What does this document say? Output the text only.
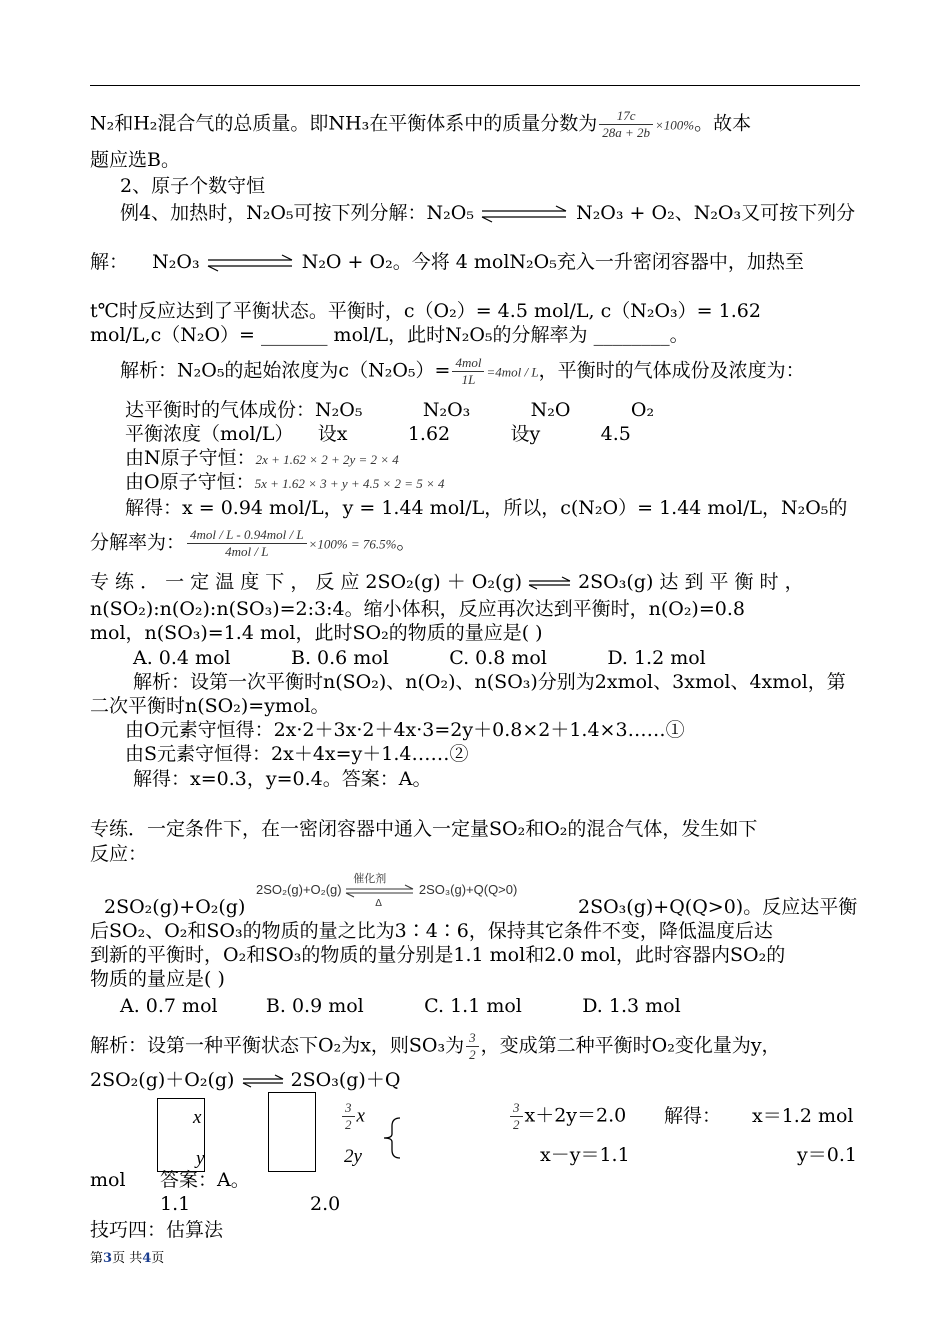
N₂和H₂混合气的总质量。即NH₃在平衡体系中的质量分数为 $\frac{17c}{28a + 2b} \times 100\%$。故本
题应选B。
2、原子个数守恒
例4、加热时，N₂O₅可按下列分解：N₂O₅	N₂O₃ + O₂、N₂O₃又可按下列分
解：    N₂O₃	N₂O + O₂。今将 4 molN₂O₅充入一升密闭容器中，加热至
t℃时反应达到了平衡状态。平衡时，c（O₂）= 4.5 mol/L, c（N₂O₃）= 1.62
mol/L,c（N₂O）= _______ mol/L，此时N₂O₅的分解率为 ________。
解析：N₂O₅的起始浓度为$c(N_2O_5)= \frac{\text{4mol}}{1L} =4mol / L$，平衡时的气体成份及浓度为：
达平衡时的气体成份：N₂O₅          N₂O₃          N₂O          O₂
平衡浓度（mol/L）    设x          1.62          设y          4.5
由N原子守恒：2x + 1.62 × 2 + 2y = 2 × 4
由O原子守恒：5x + 1.62 × 3 + y + 4.5 × 2 = 5 × 4
解得：x = 0.94 mol/L，y = 1.44 mol/L，所以，c(N₂O）= 1.44 mol/L，N₂O₅的
分解率为： $\frac{\text{4mol / L - 0.94mol / L}}{\text{4mol / L}} \times 100\% = 76.5\%$。
专 练 ． 一 定 温 度 下 ， 反 应 2SO₂(g) ＋ O₂(g) ⇌ 2SO₃(g) 达 到 平 衡 时 ，
n(SO₂):n(O₂):n(SO₃)=2:3:4。缩小体积，反应再次达到平衡时，n(O₂)=0.8
mol，n(SO₃)=1.4 mol，此时SO₂的物质的量应是( )
A. 0.4 mol          B. 0.6 mol          C. 0.8 mol          D. 1.2 mol
解析：设第一次平衡时n(SO₂)、n(O₂)、n(SO₃)分别为2xmol、3xmol、4xmol，第
二次平衡时n(SO₂)=ymol。
由O元素守恒得：2x·2＋3x·2＋4x·3=2y＋0.8×2＋1.4×3……①
由S元素守恒得：2x＋4x=y＋1.4……②
解得：x=0.3，y=0.4。答案：A。
专练．一定条件下，在一密闭容器中通入一定量SO₂和O₂的混合气体，发生如下
反应：
2SO₂(g)+O₂(g)
2SO₂(g)+O₂(g)
催化剂
Δ
2SO₃(g)+Q(Q>0)
2SO₃(g)+Q(Q>0)。反应达平衡
后SO₂、O₂和SO₃的物质的量之比为3∶4∶6，保持其它条件不变，降低温度后达
到新的平衡时，O₂和SO₃的物质的量分别是1.1 mol和2.0 mol，此时容器内SO₂的
物质的量应是( )
A. 0.7 mol        B. 0.9 mol          C. 1.1 mol          D. 1.3 mol
解析：设第一种平衡状态下O₂为x，则SO₃为 $\frac{3}{2}$ ，变成第二种平衡时O₂变化量为y，
2SO₂(g)＋O₂(g) ⇌ 2SO₃(g)＋Q
x
y
$\frac{3}{2}$ x
2y
$\frac{3}{2} x+2y=2.0$ 解得： x＝1.2 mol
x－y＝1.1	y＝0.1
mol 答案：A。
1.1	2.0
技巧四：估算法
第3页 共4页
